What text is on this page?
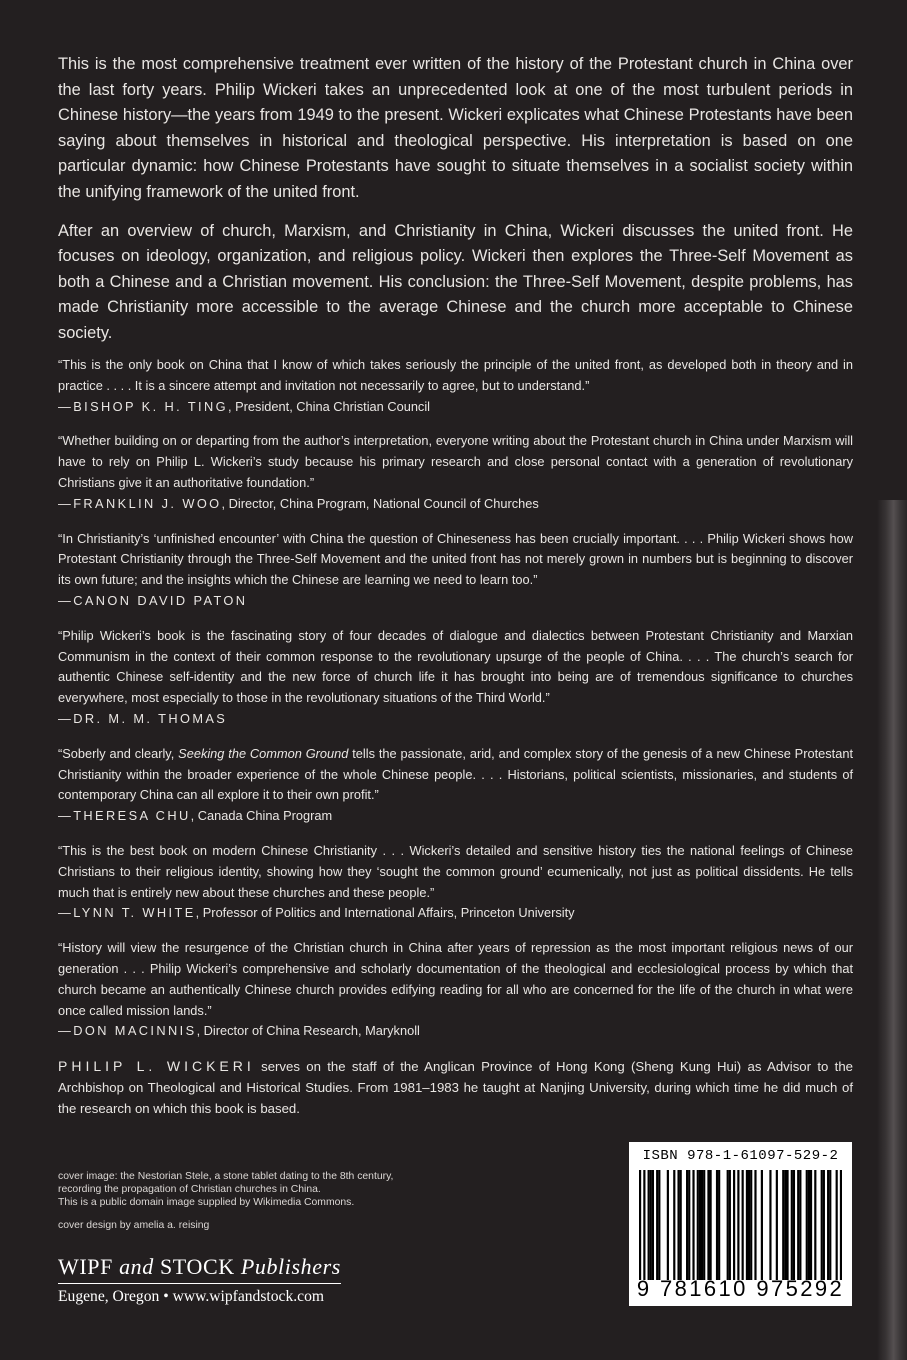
This is the most comprehensive treatment ever written of the history of the Protestant church in China over the last forty years. Philip Wickeri takes an unprecedented look at one of the most turbulent periods in Chinese history—the years from 1949 to the present. Wickeri explicates what Chinese Protestants have been saying about themselves in historical and theological perspective. His interpretation is based on one particular dynamic: how Chinese Protestants have sought to situate themselves in a socialist society within the unifying framework of the united front.

After an overview of church, Marxism, and Christianity in China, Wickeri discusses the united front. He focuses on ideology, organization, and religious policy. Wickeri then explores the Three-Self Movement as both a Chinese and a Christian movement. His conclusion: the Three-Self Movement, despite problems, has made Christianity more accessible to the average Chinese and the church more acceptable to Chinese society.

“This is the only book on China that I know of which takes seriously the principle of the united front, as developed both in theory and in practice . . . . It is a sincere attempt and invitation not necessarily to agree, but to understand.”

—BISHOP K. H. TING, President, China Christian Council

“Whether building on or departing from the author’s interpretation, everyone writing about the Protestant church in China under Marxism will have to rely on Philip L. Wickeri’s study because his primary research and close personal contact with a generation of revolutionary Christians give it an authoritative foundation.”

—FRANKLIN J. WOO, Director, China Program, National Council of Churches

“In Christianity’s ‘unfinished encounter’ with China the question of Chineseness has been crucially important. . . . Philip Wickeri shows how Protestant Christianity through the Three-Self Movement and the united front has not merely grown in numbers but is beginning to discover its own future; and the insights which the Chinese are learning we need to learn too.”

—CANON DAVID PATON

“Philip Wickeri’s book is the fascinating story of four decades of dialogue and dialectics between Protestant Christianity and Marxian Communism in the context of their common response to the revolutionary upsurge of the people of China. . . . The church’s search for authentic Chinese self-identity and the new force of church life it has brought into being are of tremendous significance to churches everywhere, most especially to those in the revolutionary situations of the Third World.”

—DR. M. M. THOMAS

“Soberly and clearly, Seeking the Common Ground tells the passionate, arid, and complex story of the genesis of a new Chinese Protestant Christianity within the broader experience of the whole Chinese people. . . . Historians, political scientists, missionaries, and students of contemporary China can all explore it to their own profit.”

—THERESA CHU, Canada China Program

“This is the best book on modern Chinese Christianity . . . Wickeri’s detailed and sensitive history ties the national feelings of Chinese Christians to their religious identity, showing how they ‘sought the common ground’ ecumenically, not just as political dissidents. He tells much that is entirely new about these churches and these people.”

—LYNN T. WHITE, Professor of Politics and International Affairs, Princeton University

“History will view the resurgence of the Christian church in China after years of repression as the most important religious news of our generation . . . Philip Wickeri’s comprehensive and scholarly documentation of the theological and ecclesiological process by which that church became an authentically Chinese church provides edifying reading for all who are concerned for the life of the church in what were once called mission lands.”

—DON MACINNIS, Director of China Research, Maryknoll
PHILIP L. WICKERI serves on the staff of the Anglican Province of Hong Kong (Sheng Kung Hui) as Advisor to the Archbishop on Theological and Historical Studies. From 1981–1983 he taught at Nanjing University, during which time he did much of the research on which this book is based.

cover image: the Nestorian Stele, a stone tablet dating to the 8th century,

recording the propagation of Christian churches in China.

This is a public domain image supplied by Wikimedia Commons.

cover design by amelia a. reising

WIPF and STOCK Publishers
Eugene, Oregon • www.wipfandstock.com
ISBN 978-1-61097-529-2
9 781610 975292
